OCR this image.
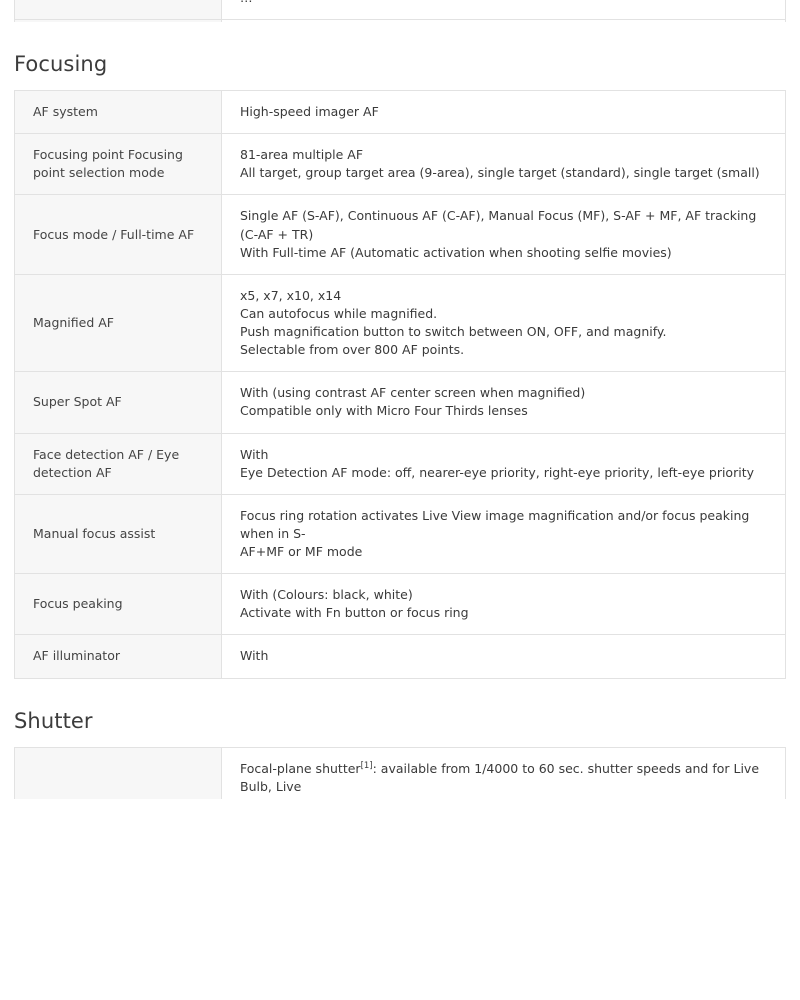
Focusing
AF system	High-speed imager AF

Focusing point Focusing point selection mode	81-area multiple AF
All target, group target area (9-area), single target (standard), single target (small)

Focus mode / Full-time AF	Single AF (S-AF), Continuous AF (C-AF), Manual Focus (MF), S-AF + MF, AF tracking (C-AF + TR)
With Full-time AF (Automatic activation when shooting selfie movies)

Magnified AF	x5, x7, x10, x14
Can autofocus while magnified.
Push magnification button to switch between ON, OFF, and magnify.
Selectable from over 800 AF points.

Super Spot AF	With (using contrast AF center screen when magnified)
Compatible only with Micro Four Thirds lenses

Face detection AF / Eye detection AF	With
Eye Detection AF mode: off, nearer-eye priority, right-eye priority, left-eye priority

Manual focus assist	Focus ring rotation activates Live View image magnification and/or focus peaking when in S-
AF+MF or MF mode

Focus peaking	With (Colours: black, white)
Activate with Fn button or focus ring

AF illuminator	With
Shutter

Focal-plane shutter[1]: available from 1/4000 to 60 sec. shutter speeds and for Live Bulb, Live
